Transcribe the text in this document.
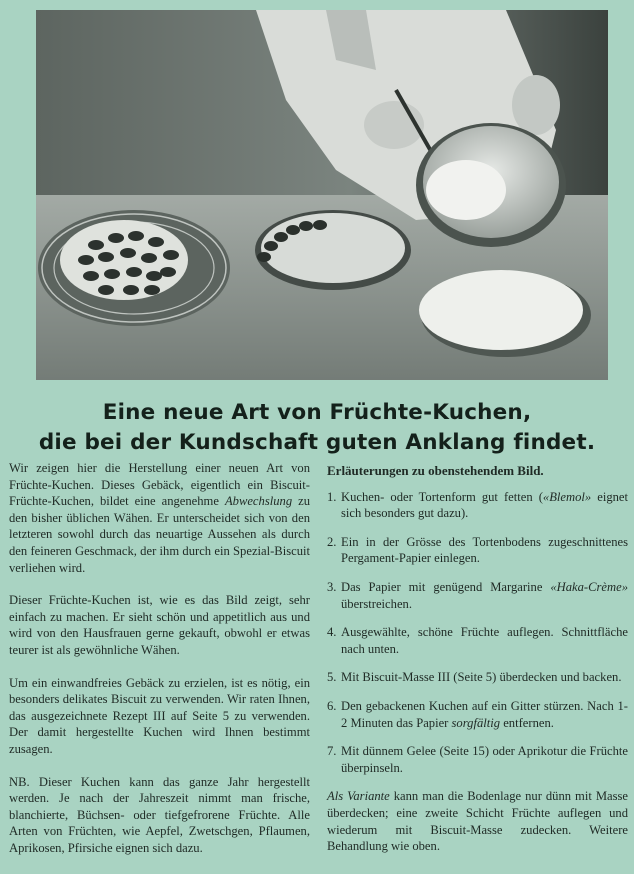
Eine neue Art von Früchte-Kuchen,
die bei der Kundschaft guten Anklang findet.

Wir zeigen hier die Herstellung einer neuen Art von Früchte-Kuchen. Dieses Gebäck, eigentlich ein Biscuit-Früchte-Kuchen, bildet eine angenehme Abwechslung zu den bisher üblichen Wähen. Er unterscheidet sich von den letzteren sowohl durch das neuartige Aussehen als durch den feineren Geschmack, der ihm durch ein Spezial-Biscuit verliehen wird.

Dieser Früchte-Kuchen ist, wie es das Bild zeigt, sehr einfach zu machen. Er sieht schön und appetitlich aus und wird von den Hausfrauen gerne gekauft, obwohl er etwas teurer ist als gewöhnliche Wähen.

Um ein einwandfreies Gebäck zu erzielen, ist es nötig, ein besonders delikates Biscuit zu verwenden. Wir raten Ihnen, das ausgezeichnete Rezept III auf Seite 5 zu verwenden. Der damit hergestellte Kuchen wird Ihnen bestimmt zusagen.

NB. Dieser Kuchen kann das ganze Jahr hergestellt werden. Je nach der Jahreszeit nimmt man frische, blanchierte, Büchsen- oder tiefgefrorene Früchte. Alle Arten von Früchten, wie Aepfel, Zwetschgen, Pflaumen, Aprikosen, Pfirsiche eignen sich dazu.

Erläuterungen zu obenstehendem Bild.
1. Kuchen- oder Tortenform gut fetten («Blemol» eignet sich besonders gut dazu).
2. Ein in der Grösse des Tortenbodens zugeschnittenes Pergament-Papier einlegen.
3. Das Papier mit genügend Margarine «Haka-Crème» überstreichen.
4. Ausgewählte, schöne Früchte auflegen. Schnittfläche nach unten.
5. Mit Biscuit-Masse III (Seite 5) überdecken und backen.
6. Den gebackenen Kuchen auf ein Gitter stürzen. Nach 1-2 Minuten das Papier sorgfältig entfernen.
7. Mit dünnem Gelee (Seite 15) oder Aprikotur die Früchte überpinseln.

Als Variante kann man die Bodenlage nur dünn mit Masse überdecken; eine zweite Schicht Früchte auflegen und wiederum mit Biscuit-Masse zudecken. Weitere Behandlung wie oben.
